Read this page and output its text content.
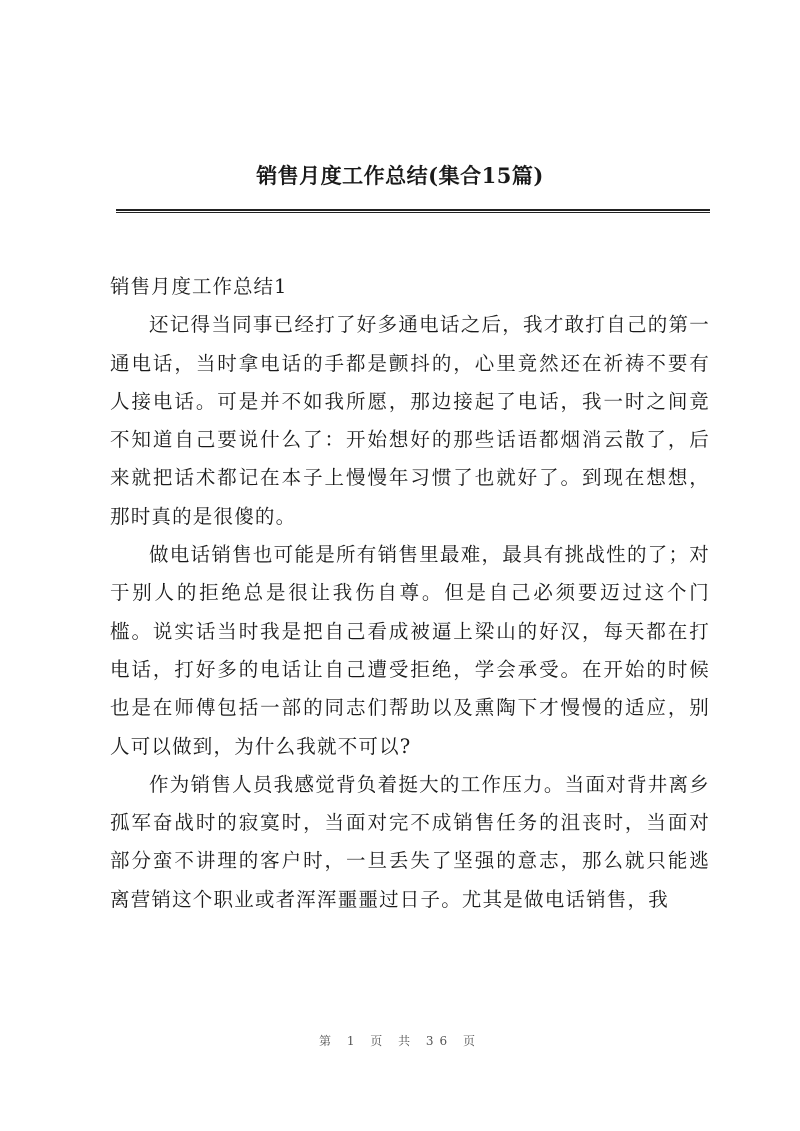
销售月度工作总结(集合15篇)

销售月度工作总结1

还记得当同事已经打了好多通电话之后，我才敢打自己的第一通电话，当时拿电话的手都是颤抖的，心里竟然还在祈祷不要有人接电话。可是并不如我所愿，那边接起了电话，我一时之间竟不知道自己要说什么了：开始想好的那些话语都烟消云散了，后来就把话术都记在本子上慢慢年习惯了也就好了。到现在想想，那时真的是很傻的。

做电话销售也可能是所有销售里最难，最具有挑战性的了；对于别人的拒绝总是很让我伤自尊。但是自己必须要迈过这个门槛。说实话当时我是把自己看成被逼上梁山的好汉，每天都在打电话，打好多的电话让自己遭受拒绝，学会承受。在开始的时候也是在师傅包括一部的同志们帮助以及熏陶下才慢慢的适应，别人可以做到，为什么我就不可以?

作为销售人员我感觉背负着挺大的工作压力。当面对背井离乡孤军奋战时的寂寞时，当面对完不成销售任务的沮丧时，当面对部分蛮不讲理的客户时，一旦丢失了坚强的意志，那么就只能逃离营销这个职业或者浑浑噩噩过日子。尤其是做电话销售，我

第 1 页 共 36 页
